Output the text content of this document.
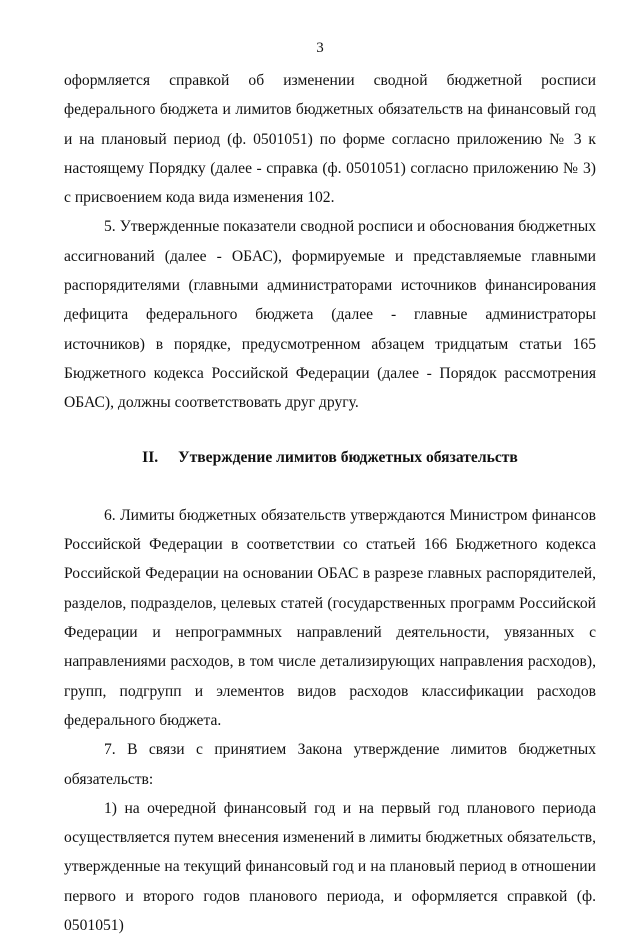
3

оформляется справкой об изменении сводной бюджетной росписи федерального бюджета и лимитов бюджетных обязательств на финансовый год и на плановый период (ф. 0501051) по форме согласно приложению № 3 к настоящему Порядку (далее - справка (ф. 0501051) согласно приложению № 3) с присвоением кода вида изменения 102.

5. Утвержденные показатели сводной росписи и обоснования бюджетных ассигнований (далее - ОБАС), формируемые и представляемые главными распорядителями (главными администраторами источников финансирования дефицита федерального бюджета (далее - главные администраторы источников) в порядке, предусмотренном абзацем тридцатым статьи 165 Бюджетного кодекса Российской Федерации (далее - Порядок рассмотрения ОБАС), должны соответствовать друг другу.

II. Утверждение лимитов бюджетных обязательств

6. Лимиты бюджетных обязательств утверждаются Министром финансов Российской Федерации в соответствии со статьей 166 Бюджетного кодекса Российской Федерации на основании ОБАС в разрезе главных распорядителей, разделов, подразделов, целевых статей (государственных программ Российской Федерации и непрограммных направлений деятельности, увязанных с направлениями расходов, в том числе детализирующих направления расходов), групп, подгрупп и элементов видов расходов классификации расходов федерального бюджета.

7. В связи с принятием Закона утверждение лимитов бюджетных обязательств:

1) на очередной финансовый год и на первый год планового периода осуществляется путем внесения изменений в лимиты бюджетных обязательств, утвержденные на текущий финансовый год и на плановый период в отношении первого и второго годов планового периода, и оформляется справкой (ф. 0501051)
